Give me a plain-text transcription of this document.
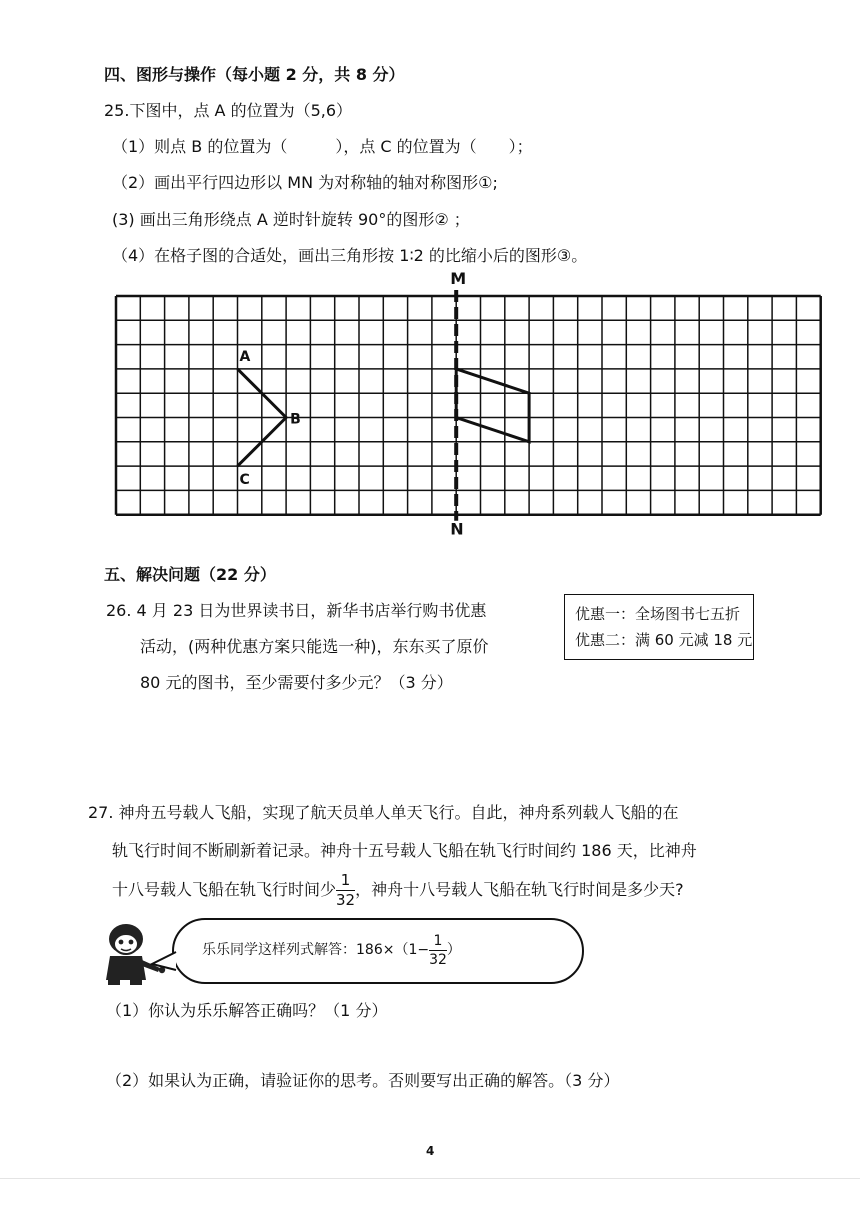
四、图形与操作（每小题 2 分，共 8 分）
25.下图中，点 A 的位置为（5,6）
（1）则点 B 的位置为（　　　），点 C 的位置为（　　）；
（2）画出平行四边形以 MN 为对称轴的轴对称图形①;
(3) 画出三角形绕点 A 逆时针旋转 90°的图形② ；
（4）在格子图的合适处，画出三角形按 1∶2 的比缩小后的图形③。
M
N
A
B
C
五、解决问题（22 分）
26. 4 月 23 日为世界读书日，新华书店举行购书优惠
活动，(两种优惠方案只能选一种)，东东买了原价
80 元的图书，至少需要付多少元？（3 分）
优惠一：全场图书七五折
优惠二：满 60 元减 18 元
27. 神舟五号载人飞船，实现了航天员单人单天飞行。自此，神舟系列载人飞船的在
轨飞行时间不断刷新着记录。神舟十五号载人飞船在轨飞行时间约 186 天，比神舟
十八号载人飞船在轨飞行时间少 $\frac{1}{32}$ ，神舟十八号载人飞船在轨飞行时间是多少天?
乐乐同学这样列式解答：$186\times(1- \frac{1}{32}$ ）
（1）你认为乐乐解答正确吗？（1 分）
（2）如果认为正确，请验证你的思考。否则要写出正确的解答。（3 分）
4
